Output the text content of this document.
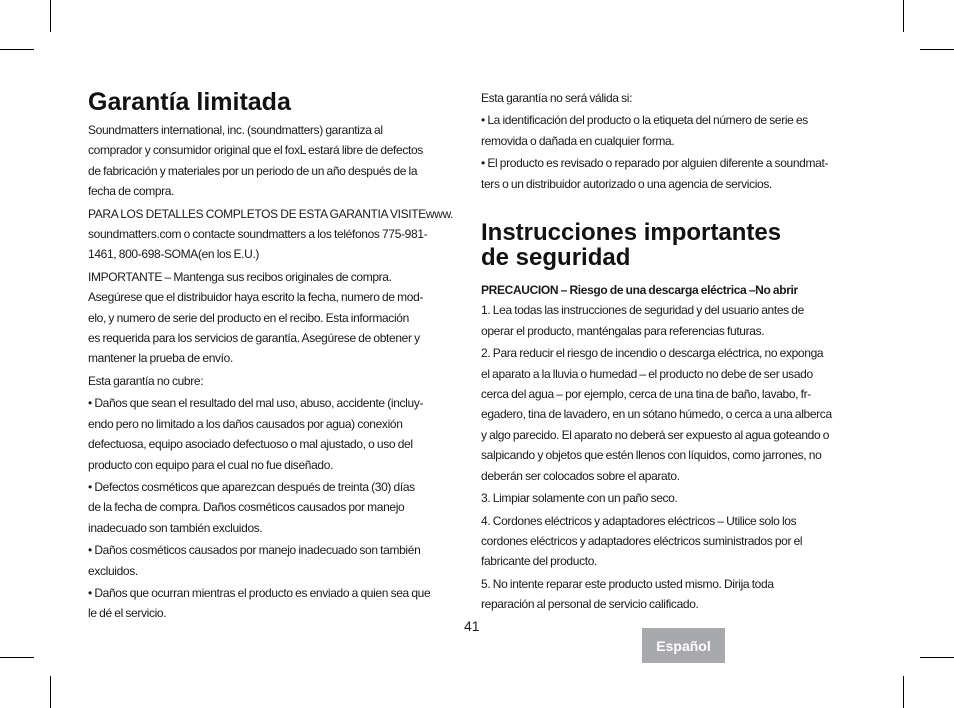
Garantía limitada

Soundmatters international, inc. (soundmatters) garantiza al
comprador y consumidor original que el foxL estará libre de defectos
de fabricación y materiales por un periodo de un año después de la
fecha de compra.

PARA LOS DETALLES COMPLETOS DE ESTA GARANTIA VISITEwww.
soundmatters.com o contacte soundmatters a los teléfonos 775-981-
1461, 800-698-SOMA(en los E.U.)

IMPORTANTE – Mantenga sus recibos originales de compra.
Asegúrese que el distribuidor haya escrito la fecha, numero de mod-
elo, y numero de serie del producto en el recibo. Esta información
es requerida para los servicios de garantía. Asegúrese de obtener y
mantener la prueba de envío.

Esta garantía no cubre:

• Daños que sean el resultado del mal uso, abuso, accidente (incluy-
endo pero no limitado a los daños causados por agua) conexión
defectuosa, equipo asociado defectuoso o mal ajustado, o uso del
producto con equipo para el cual no fue diseñado.

• Defectos cosméticos que aparezcan después de treinta (30) días
de la fecha de compra. Daños cosméticos causados por manejo
inadecuado son también excluidos.

• Daños cosméticos causados por manejo inadecuado son también
excluidos.

• Daños que ocurran mientras el producto es enviado a quien sea que
le dé el servicio.

Esta garantía no será válida si:

• La identificación del producto o la etiqueta del número de serie es
removida o dañada en cualquier forma.

• El producto es revisado o reparado por alguien diferente a soundmat-
ters o un distribuidor autorizado o una agencia de servicios.

Instrucciones importantes
de seguridad

PRECAUCION – Riesgo de una descarga eléctrica –No abrir

1. Lea todas las instrucciones de seguridad y del usuario antes de
operar el producto, manténgalas para referencias futuras.

2. Para reducir el riesgo de incendio o descarga eléctrica, no exponga
el aparato a la lluvia o humedad – el producto no debe de ser usado
cerca del agua – por ejemplo, cerca de una tina de baño, lavabo, fr-
egadero, tina de lavadero, en un sótano húmedo, o cerca a una alberca
y algo parecido. El aparato no deberá ser expuesto al agua goteando o
salpicando y objetos que estén llenos con líquidos, como jarrones, no
deberán ser colocados sobre el aparato.

3. Limpiar solamente con un paño seco.

4. Cordones eléctricos y adaptadores eléctricos – Utilice solo los
cordones eléctricos y adaptadores eléctricos suministrados por el
fabricante del producto.

5. No intente reparar este producto usted mismo. Dirija toda
reparación al personal de servicio calificado.

41
Español
